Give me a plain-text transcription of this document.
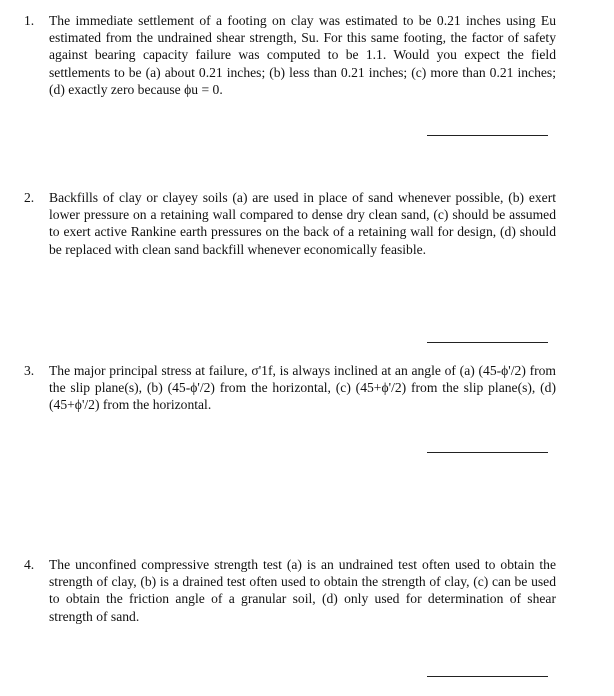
1.	The immediate settlement of a footing on clay was estimated to be 0.21 inches using Eu estimated from the undrained shear strength, Su. For this same footing, the factor of safety against bearing capacity failure was computed to be 1.1. Would you expect the field settlements to be (a) about 0.21 inches; (b) less than 0.21 inches; (c) more than 0.21 inches; (d) exactly zero because ϕu = 0.
2.	Backfills of clay or clayey soils (a) are used in place of sand whenever possible, (b) exert lower pressure on a retaining wall compared to dense dry clean sand, (c) should be assumed to exert active Rankine earth pressures on the back of a retaining wall for design, (d) should be replaced with clean sand backfill whenever economically feasible.
3.	The major principal stress at failure, σ'1f, is always inclined at an angle of (a) (45-ϕ'/2) from the slip plane(s), (b) (45-ϕ'/2) from the horizontal, (c) (45+ϕ'/2) from the slip plane(s), (d) (45+ϕ'/2) from the horizontal.
4.	The unconfined compressive strength test (a) is an undrained test often used to obtain the strength of clay, (b) is a drained test often used to obtain the strength of clay, (c) can be used to obtain the friction angle of a granular soil, (d) only used for determination of shear strength of sand.
